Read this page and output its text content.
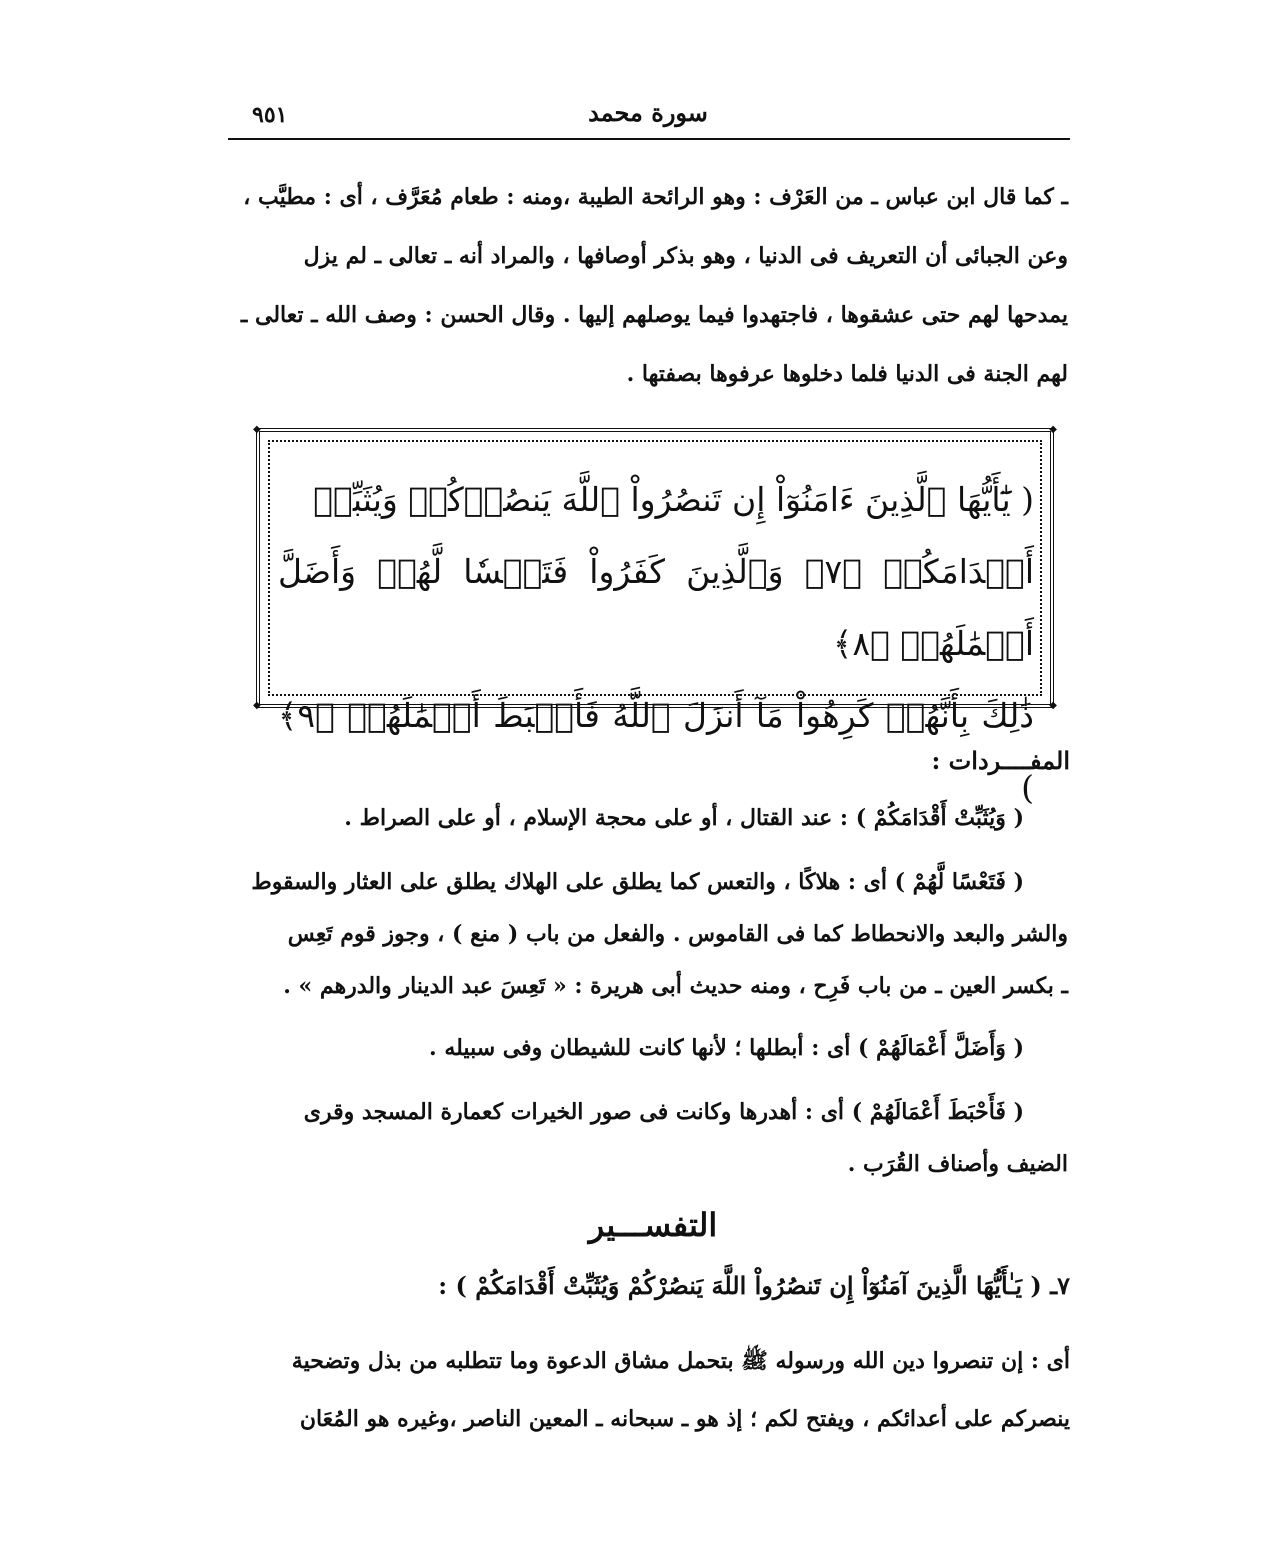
سورة محمد
٩٥١

ـ كما قال ابن عباس ـ من العَرْف : وهو الرائحة الطيبة ،ومنه : طعام مُعَرَّف ، أى : مطيَّب ،

وعن الجبائى أن التعريف فى الدنيا ، وهو بذكر أوصافها ، والمراد أنه ـ تعالى ـ لم يزل

يمدحها لهم حتى عشقوها ، فاجتهدوا فيما يوصلهم إليها . وقال الحسن : وصف الله ـ تعالى ـ

لهم الجنة فى الدنيا فلما دخلوها عرفوها بصفتها .

◆	◆
◆	◆

( يَٰٓأَيُّهَا ٱلَّذِينَ ءَامَنُوٓاْ إِن تَنصُرُواْ ٱللَّهَ يَنصُرۡكُمۡ وَيُثَبِّتۡ

أَقۡدَامَكُمۡ ﴿٧﴾ وَٱلَّذِينَ كَفَرُواْ فَتَعۡسٗا لَّهُمۡ وَأَضَلَّ أَعۡمَٰلَهُمۡ ﴿٨﴾

ذَٰلِكَ بِأَنَّهُمۡ كَرِهُواْ مَآ أَنزَلَ ٱللَّهُ فَأَحۡبَطَ أَعۡمَٰلَهُمۡ ﴿٩﴾ )

المفــــردات :

( وَيُثَبِّتْ أَقْدَامَكُمْ ) : عند القتال ، أو على محجة الإسلام ، أو على الصراط .

( فَتَعْسًا لَّهُمْ ) أى : هلاكًا ، والتعس كما يطلق على الهلاك يطلق على العثار والسقوط

والشر والبعد والانحطاط كما فى القاموس . والفعل من باب ( منع ) ، وجوز قوم تَعِس

ـ بكسر العين ـ من باب فَرِح ، ومنه حديث أبى هريرة : « تَعِسَ عبد الدينار والدرهم » .

( وَأَضَلَّ أَعْمَالَهُمْ ) أى : أبطلها ؛ لأنها كانت للشيطان وفى سبيله .

( فَأَحْبَطَ أَعْمَالَهُمْ ) أى : أهدرها وكانت فى صور الخيرات كعمارة المسجد وقرى

الضيف وأصناف القُرَب .

التفســـير
٧ـ ( يَـٰأَيُّهَا الَّذِينَ آمَنُوٓاْ إِن تَنصُرُواْ اللَّهَ يَنصُرْكُمْ وَيُثَبِّتْ أَقْدَامَكُمْ ) :

أى : إن تنصروا دين الله ورسوله ﷺ بتحمل مشاق الدعوة وما تتطلبه من بذل وتضحية

ينصركم على أعدائكم ، ويفتح لكم ؛ إذ هو ـ سبحانه ـ المعين الناصر ،وغيره هو المُعَان
